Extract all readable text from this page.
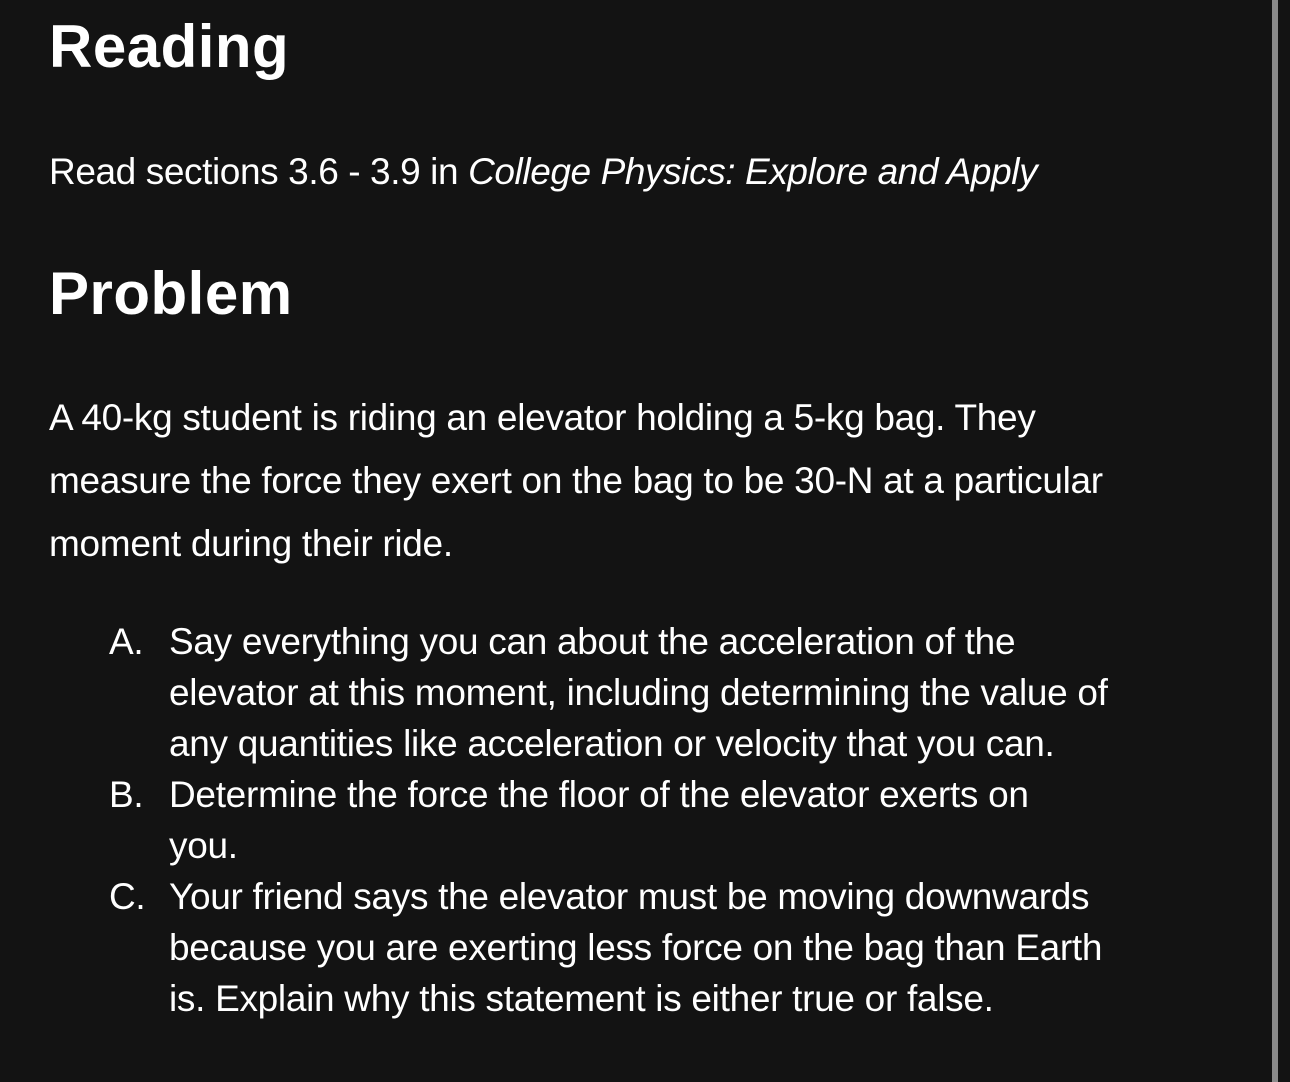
Reading

Read sections 3.6 - 3.9 in College Physics: Explore and Apply

Problem

A 40-kg student is riding an elevator holding a 5-kg bag. They
measure the force they exert on the bag to be 30-N at a particular
moment during their ride.

A. Say everything you can about the acceleration of the
elevator at this moment, including determining the value of
any quantities like acceleration or velocity that you can.
B. Determine the force the floor of the elevator exerts on
you.
C. Your friend says the elevator must be moving downwards
because you are exerting less force on the bag than Earth
is. Explain why this statement is either true or false.
